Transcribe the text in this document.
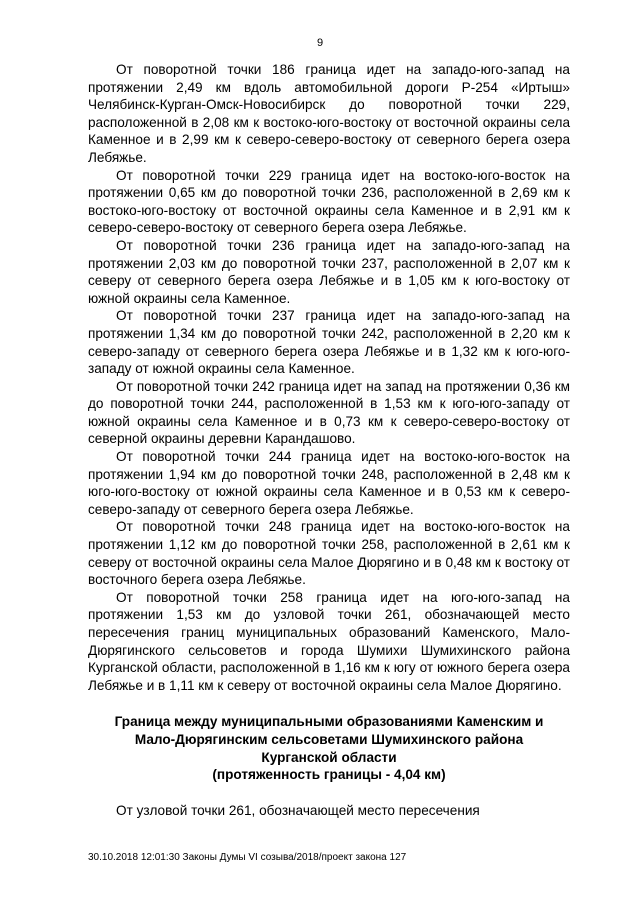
9

От поворотной точки 186 граница идет на западо-юго-запад на протяжении 2,49 км вдоль автомобильной дороги Р-254 «Иртыш» Челябинск-Курган-Омск-Новосибирск до поворотной точки 229, расположенной в 2,08 км к востоко-юго-востоку от восточной окраины села Каменное и в 2,99 км к северо-северо-востоку от северного берега озера Лебяжье.

От поворотной точки 229 граница идет на востоко-юго-восток на протяжении 0,65 км до поворотной точки 236, расположенной в 2,69 км к востоко-юго-востоку от восточной окраины села Каменное и в 2,91 км к северо-северо-востоку от северного берега озера Лебяжье.

От поворотной точки 236 граница идет на западо-юго-запад на протяжении 2,03 км до поворотной точки 237, расположенной в 2,07 км к северу от северного берега озера Лебяжье и в 1,05 км к юго-востоку от южной окраины села Каменное.

От поворотной точки 237 граница идет на западо-юго-запад на протяжении 1,34 км до поворотной точки 242, расположенной в 2,20 км к северо-западу от северного берега озера Лебяжье и в 1,32 км к юго-юго-западу от южной окраины села Каменное.

От поворотной точки 242 граница идет на запад на протяжении 0,36 км до поворотной точки 244, расположенной в 1,53 км к юго-юго-западу от южной окраины села Каменное и в 0,73 км к северо-северо-востоку от северной окраины деревни Карандашово.

От поворотной точки 244 граница идет на востоко-юго-восток на протяжении 1,94 км до поворотной точки 248, расположенной в 2,48 км к юго-юго-востоку от южной окраины села Каменное и в 0,53 км к северо-северо-западу от северного берега озера Лебяжье.

От поворотной точки 248 граница идет на востоко-юго-восток на протяжении 1,12 км до поворотной точки 258, расположенной в 2,61 км к северу от восточной окраины села Малое Дюрягино и в 0,48 км к востоку от восточного берега озера Лебяжье.

От поворотной точки 258 граница идет на юго-юго-запад на протяжении 1,53 км до узловой точки 261, обозначающей место пересечения границ муниципальных образований Каменского, Мало-Дюрягинского сельсоветов и города Шумихи Шумихинского района Курганской области, расположенной в 1,16 км к югу от южного берега озера Лебяжье и в 1,11 км к северу от восточной окраины села Малое Дюрягино.

Граница между муниципальными образованиями Каменским и
Мало-Дюрягинским сельсоветами Шумихинского района
Курганской области
(протяженность границы - 4,04 км)

От узловой точки 261, обозначающей место пересечения

30.10.2018 12:01:30 Законы Думы VI созыва/2018/проект закона 127
